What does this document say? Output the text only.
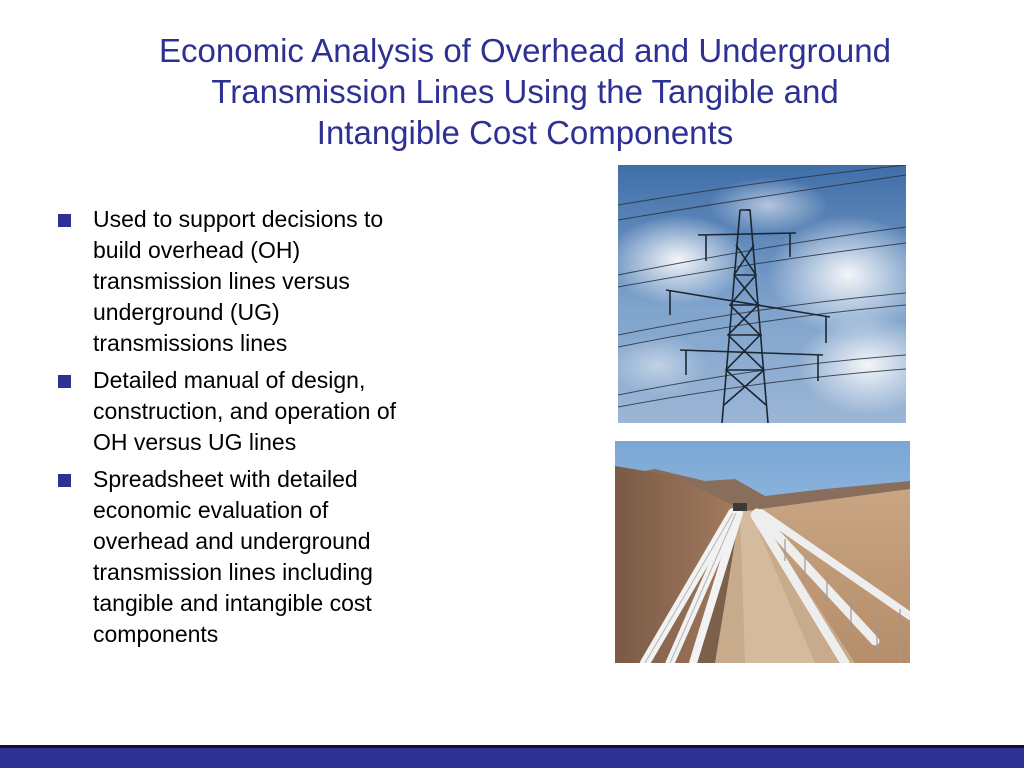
Economic Analysis of Overhead and Underground
Transmission Lines Using the Tangible and
Intangible Cost Components
Used to support decisions to
build overhead (OH)
transmission lines versus
underground (UG)
transmissions lines
Detailed manual of design,
construction, and operation of
OH versus UG lines
Spreadsheet with detailed
economic evaluation of
overhead and underground
transmission lines including
tangible and intangible cost
components
